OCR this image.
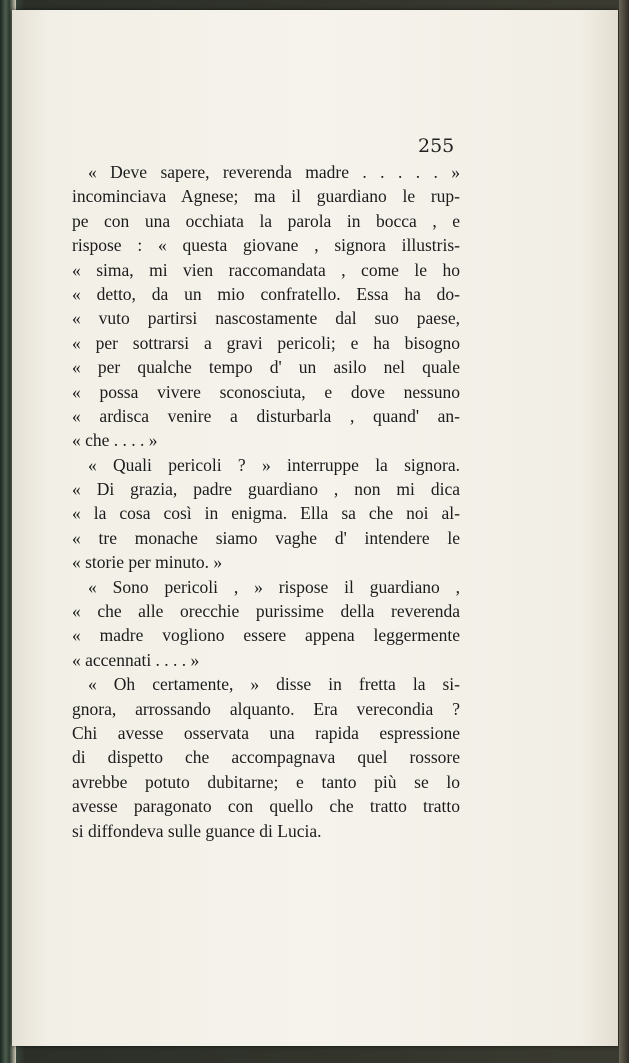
255
« Deve sapere, reverenda madre . . . . . »
incominciava Agnese; ma il guardiano le rup-
pe con una occhiata la parola in bocca , e
rispose : « questa giovane , signora illustris-
« sima, mi vien raccomandata , come le ho
« detto, da un mio confratello. Essa ha do-
« vuto partirsi nascostamente dal suo paese,
« per sottrarsi a gravi pericoli; e ha bisogno
« per qualche tempo d' un asilo nel quale
« possa vivere sconosciuta, e dove nessuno
« ardisca venire a disturbarla , quand' an-
« che . . . . »
« Quali pericoli ? » interruppe la signora.
« Di grazia, padre guardiano , non mi dica
« la cosa così in enigma. Ella sa che noi al-
« tre monache siamo vaghe d' intendere le
« storie per minuto. »
« Sono pericoli , » rispose il guardiano ,
« che alle orecchie purissime della reverenda
« madre vogliono essere appena leggermente
« accennati . . . . »
« Oh certamente, » disse in fretta la si-
gnora, arrossando alquanto. Era verecondia ?
Chi avesse osservata una rapida espressione
di dispetto che accompagnava quel rossore
avrebbe potuto dubitarne; e tanto più se lo
avesse paragonato con quello che tratto tratto
si diffondeva sulle guance di Lucia.
